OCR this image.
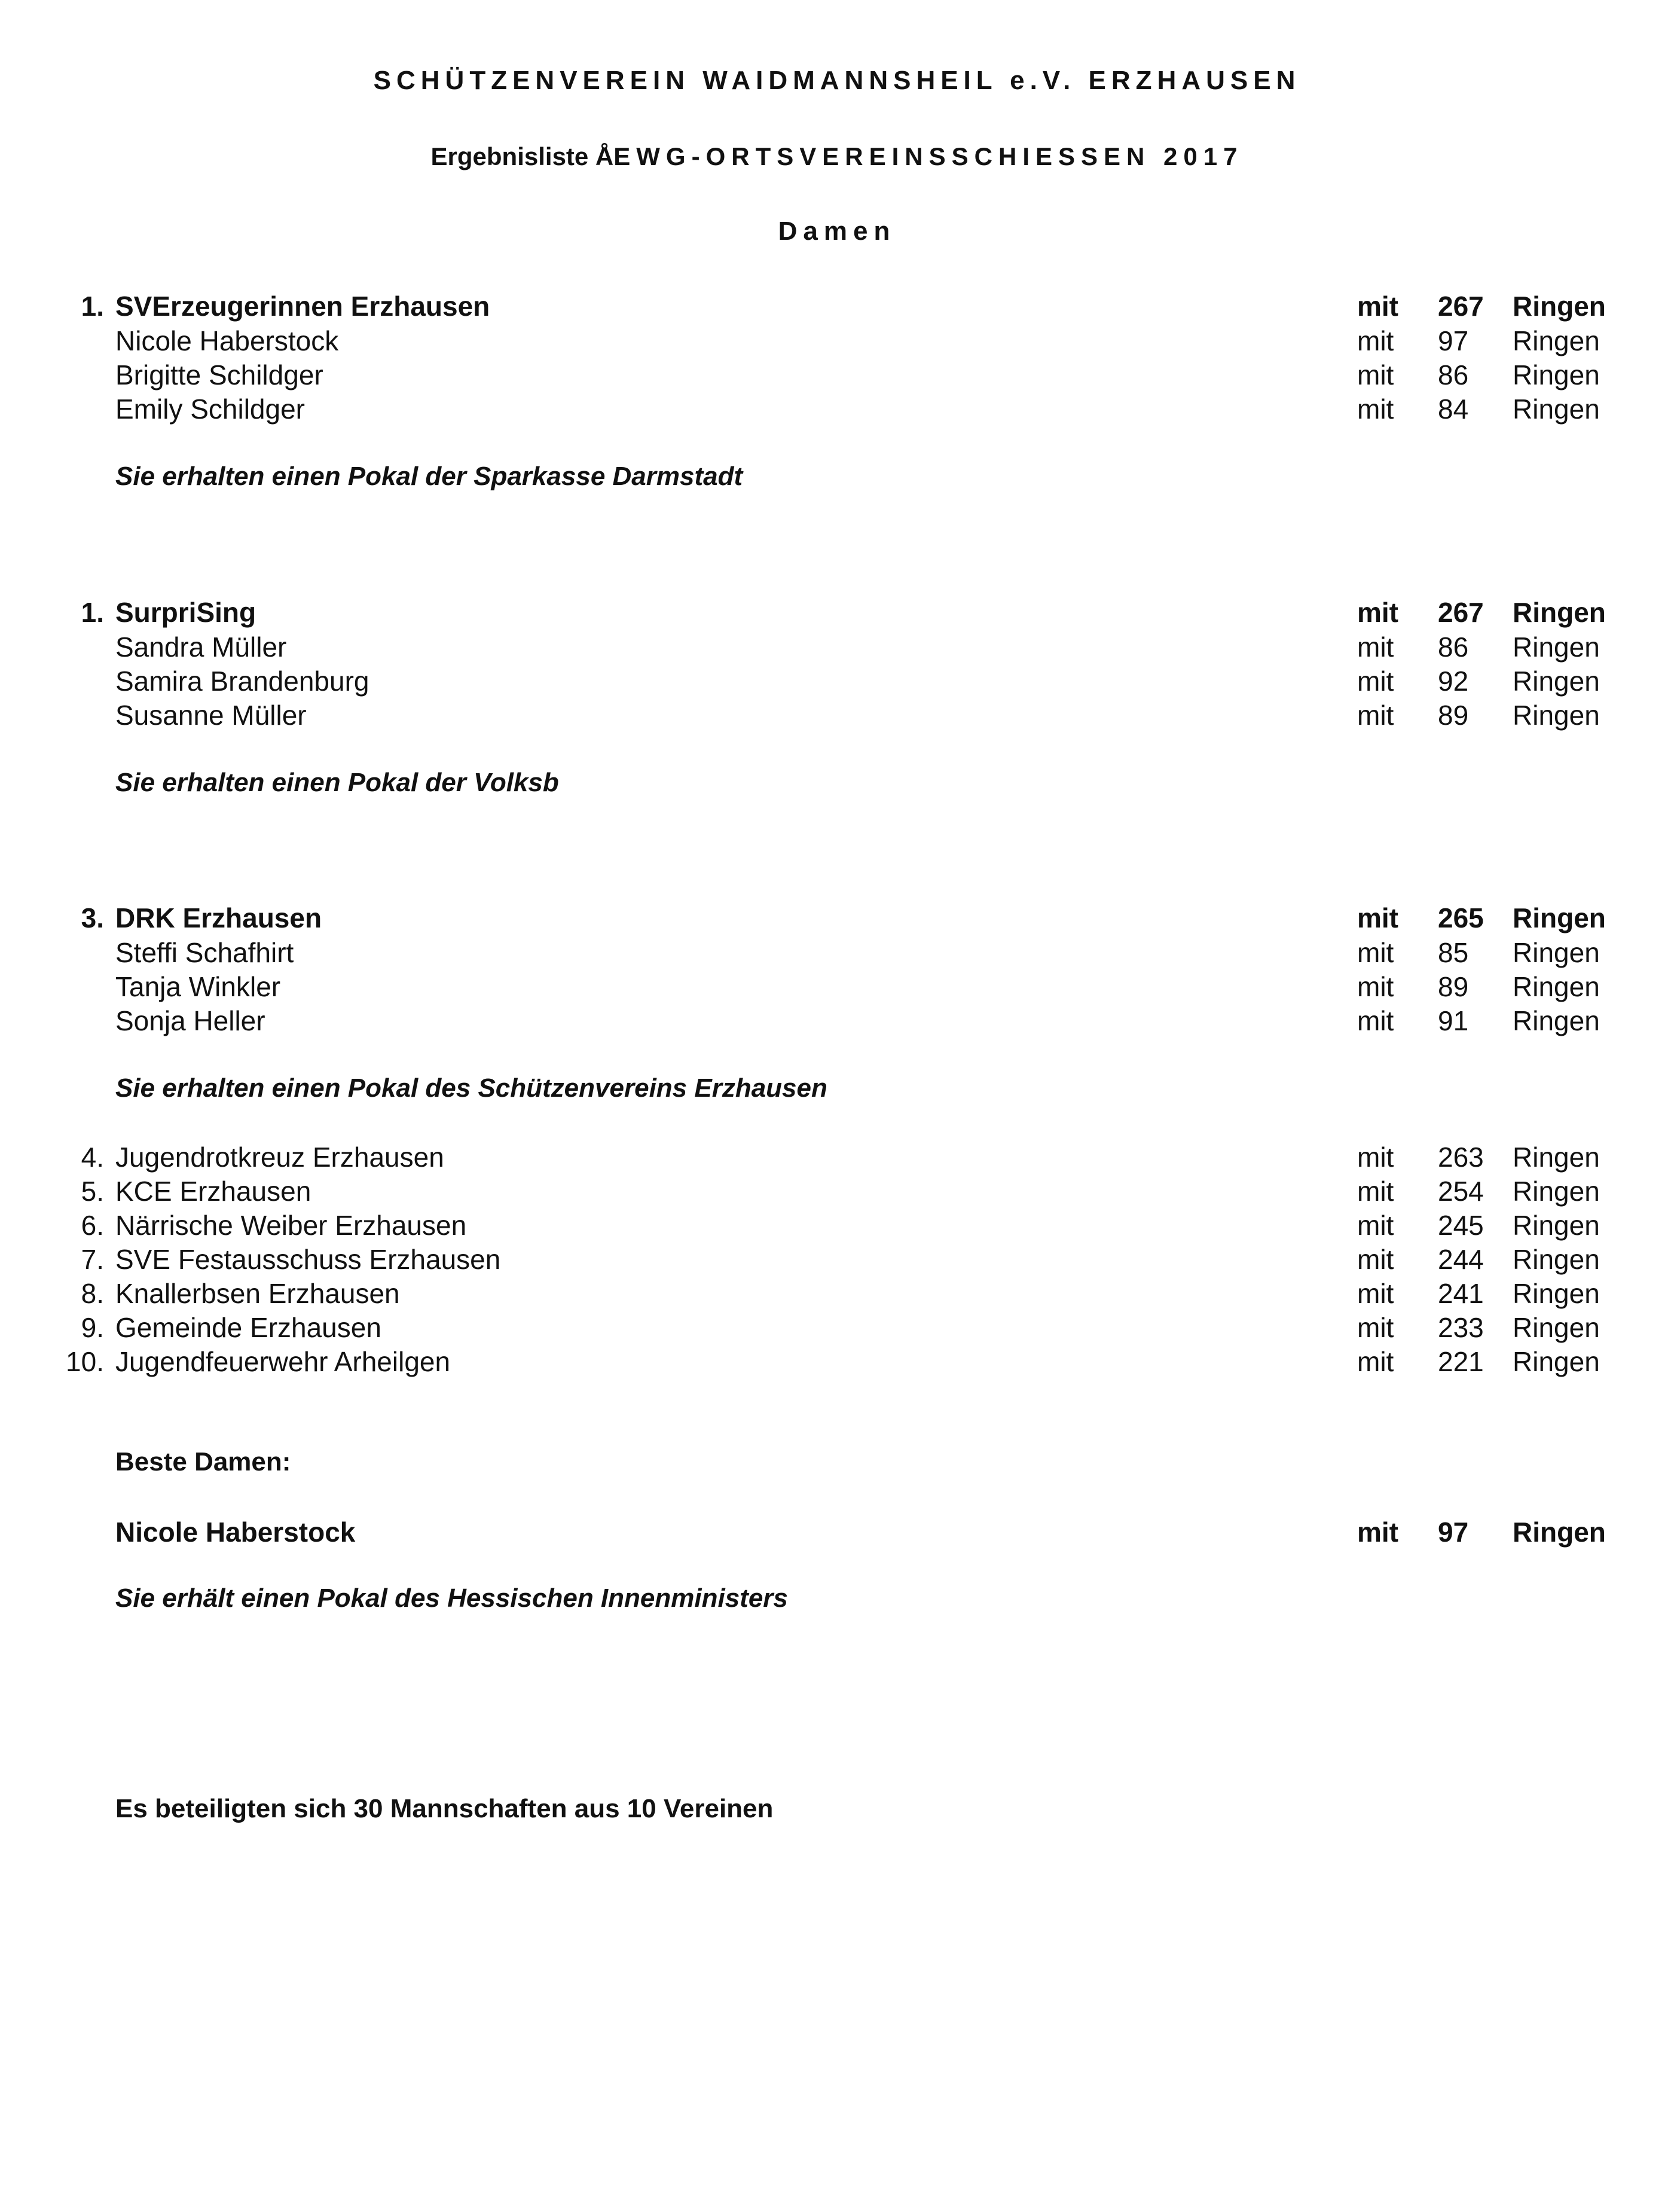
SCHÜTZENVEREIN WAIDMANNSHEIL e.V. ERZHAUSEN
Ergebnisliste ÅEWG-ORTSVEREINSSCHIESSEN 2017
Damen
1. SVErzeugerinnen Erzhausen	mit 267 Ringen
Nicole Haberstock	mit 97 Ringen
Brigitte Schildger	mit 86 Ringen
Emily Schildger	mit 84 Ringen
Sie erhalten einen Pokal der Sparkasse Darmstadt
1. SurpriSing	mit 267 Ringen
Sandra Müller	mit 86 Ringen
Samira Brandenburg	mit 92 Ringen
Susanne Müller	mit 89 Ringen
Sie erhalten einen Pokal der Volksb
3. DRK Erzhausen	mit 265 Ringen
Steffi Schafhirt	mit 85 Ringen
Tanja Winkler	mit 89 Ringen
Sonja Heller	mit 91 Ringen
Sie erhalten einen Pokal des Schützenvereins Erzhausen
4. Jugendrotkreuz Erzhausen	mit 263 Ringen
5. KCE Erzhausen	mit 254 Ringen
6. Närrische Weiber Erzhausen	mit 245 Ringen
7. SVE Festausschuss Erzhausen	mit 244 Ringen
8. Knallerbsen Erzhausen	mit 241 Ringen
9. Gemeinde Erzhausen	mit 233 Ringen
10. Jugendfeuerwehr Arheilgen	mit 221 Ringen
Beste Damen:
Nicole Haberstock	mit 97 Ringen
Sie erhält einen Pokal des Hessischen Innenministers
Es beteiligten sich 30 Mannschaften aus 10 Vereinen
